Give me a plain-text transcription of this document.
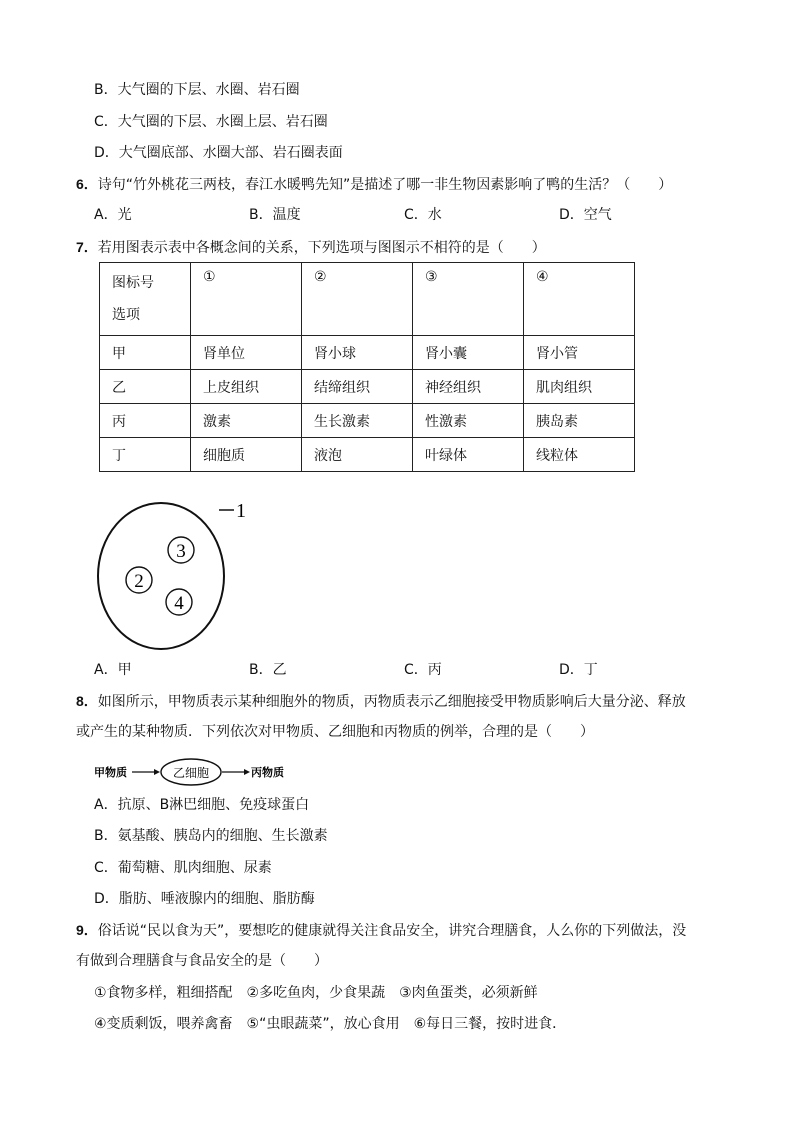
B．大气圈的下层、水圈、岩石圈
C．大气圈的下层、水圈上层、岩石圈
D．大气圈底部、水圈大部、岩石圈表面
6．诗句“竹外桃花三两枝，春江水暖鸭先知”是描述了哪一非生物因素影响了鸭的生活？（　　）
A．光	B．温度	C．水	D．空气
7．若用图表示表中各概念间的关系，下列选项与图图示不相符的是（　　）
图标号
选项	①	②	③	④
甲	肾单位	肾小球	肾小囊	肾小管
乙	上皮组织	结缔组织	神经组织	肌肉组织
丙	激素	生长激素	性激素	胰岛素
丁	细胞质	液泡	叶绿体	线粒体
1
2
3
4
A．甲	B．乙	C．丙	D．丁
8．如图所示，甲物质表示某种细胞外的物质，丙物质表示乙细胞接受甲物质影响后大量分泌、释放
或产生的某种物质．下列依次对甲物质、乙细胞和丙物质的例举，合理的是（　　）
甲物质	乙细胞	丙物质
A．抗原、B淋巴细胞、免疫球蛋白
B．氨基酸、胰岛内的细胞、生长激素
C．葡萄糖、肌肉细胞、尿素
D．脂肪、唾液腺内的细胞、脂肪酶
9．俗话说“民以食为天”，要想吃的健康就得关注食品安全，讲究合理膳食，人么你的下列做法，没
有做到合理膳食与食品安全的是（　　）
①食物多样，粗细搭配　②多吃鱼肉，少食果蔬　③肉鱼蛋类，必须新鲜
④变质剩饭，喂养禽畜　⑤“虫眼蔬菜”，放心食用　⑥每日三餐，按时进食．
